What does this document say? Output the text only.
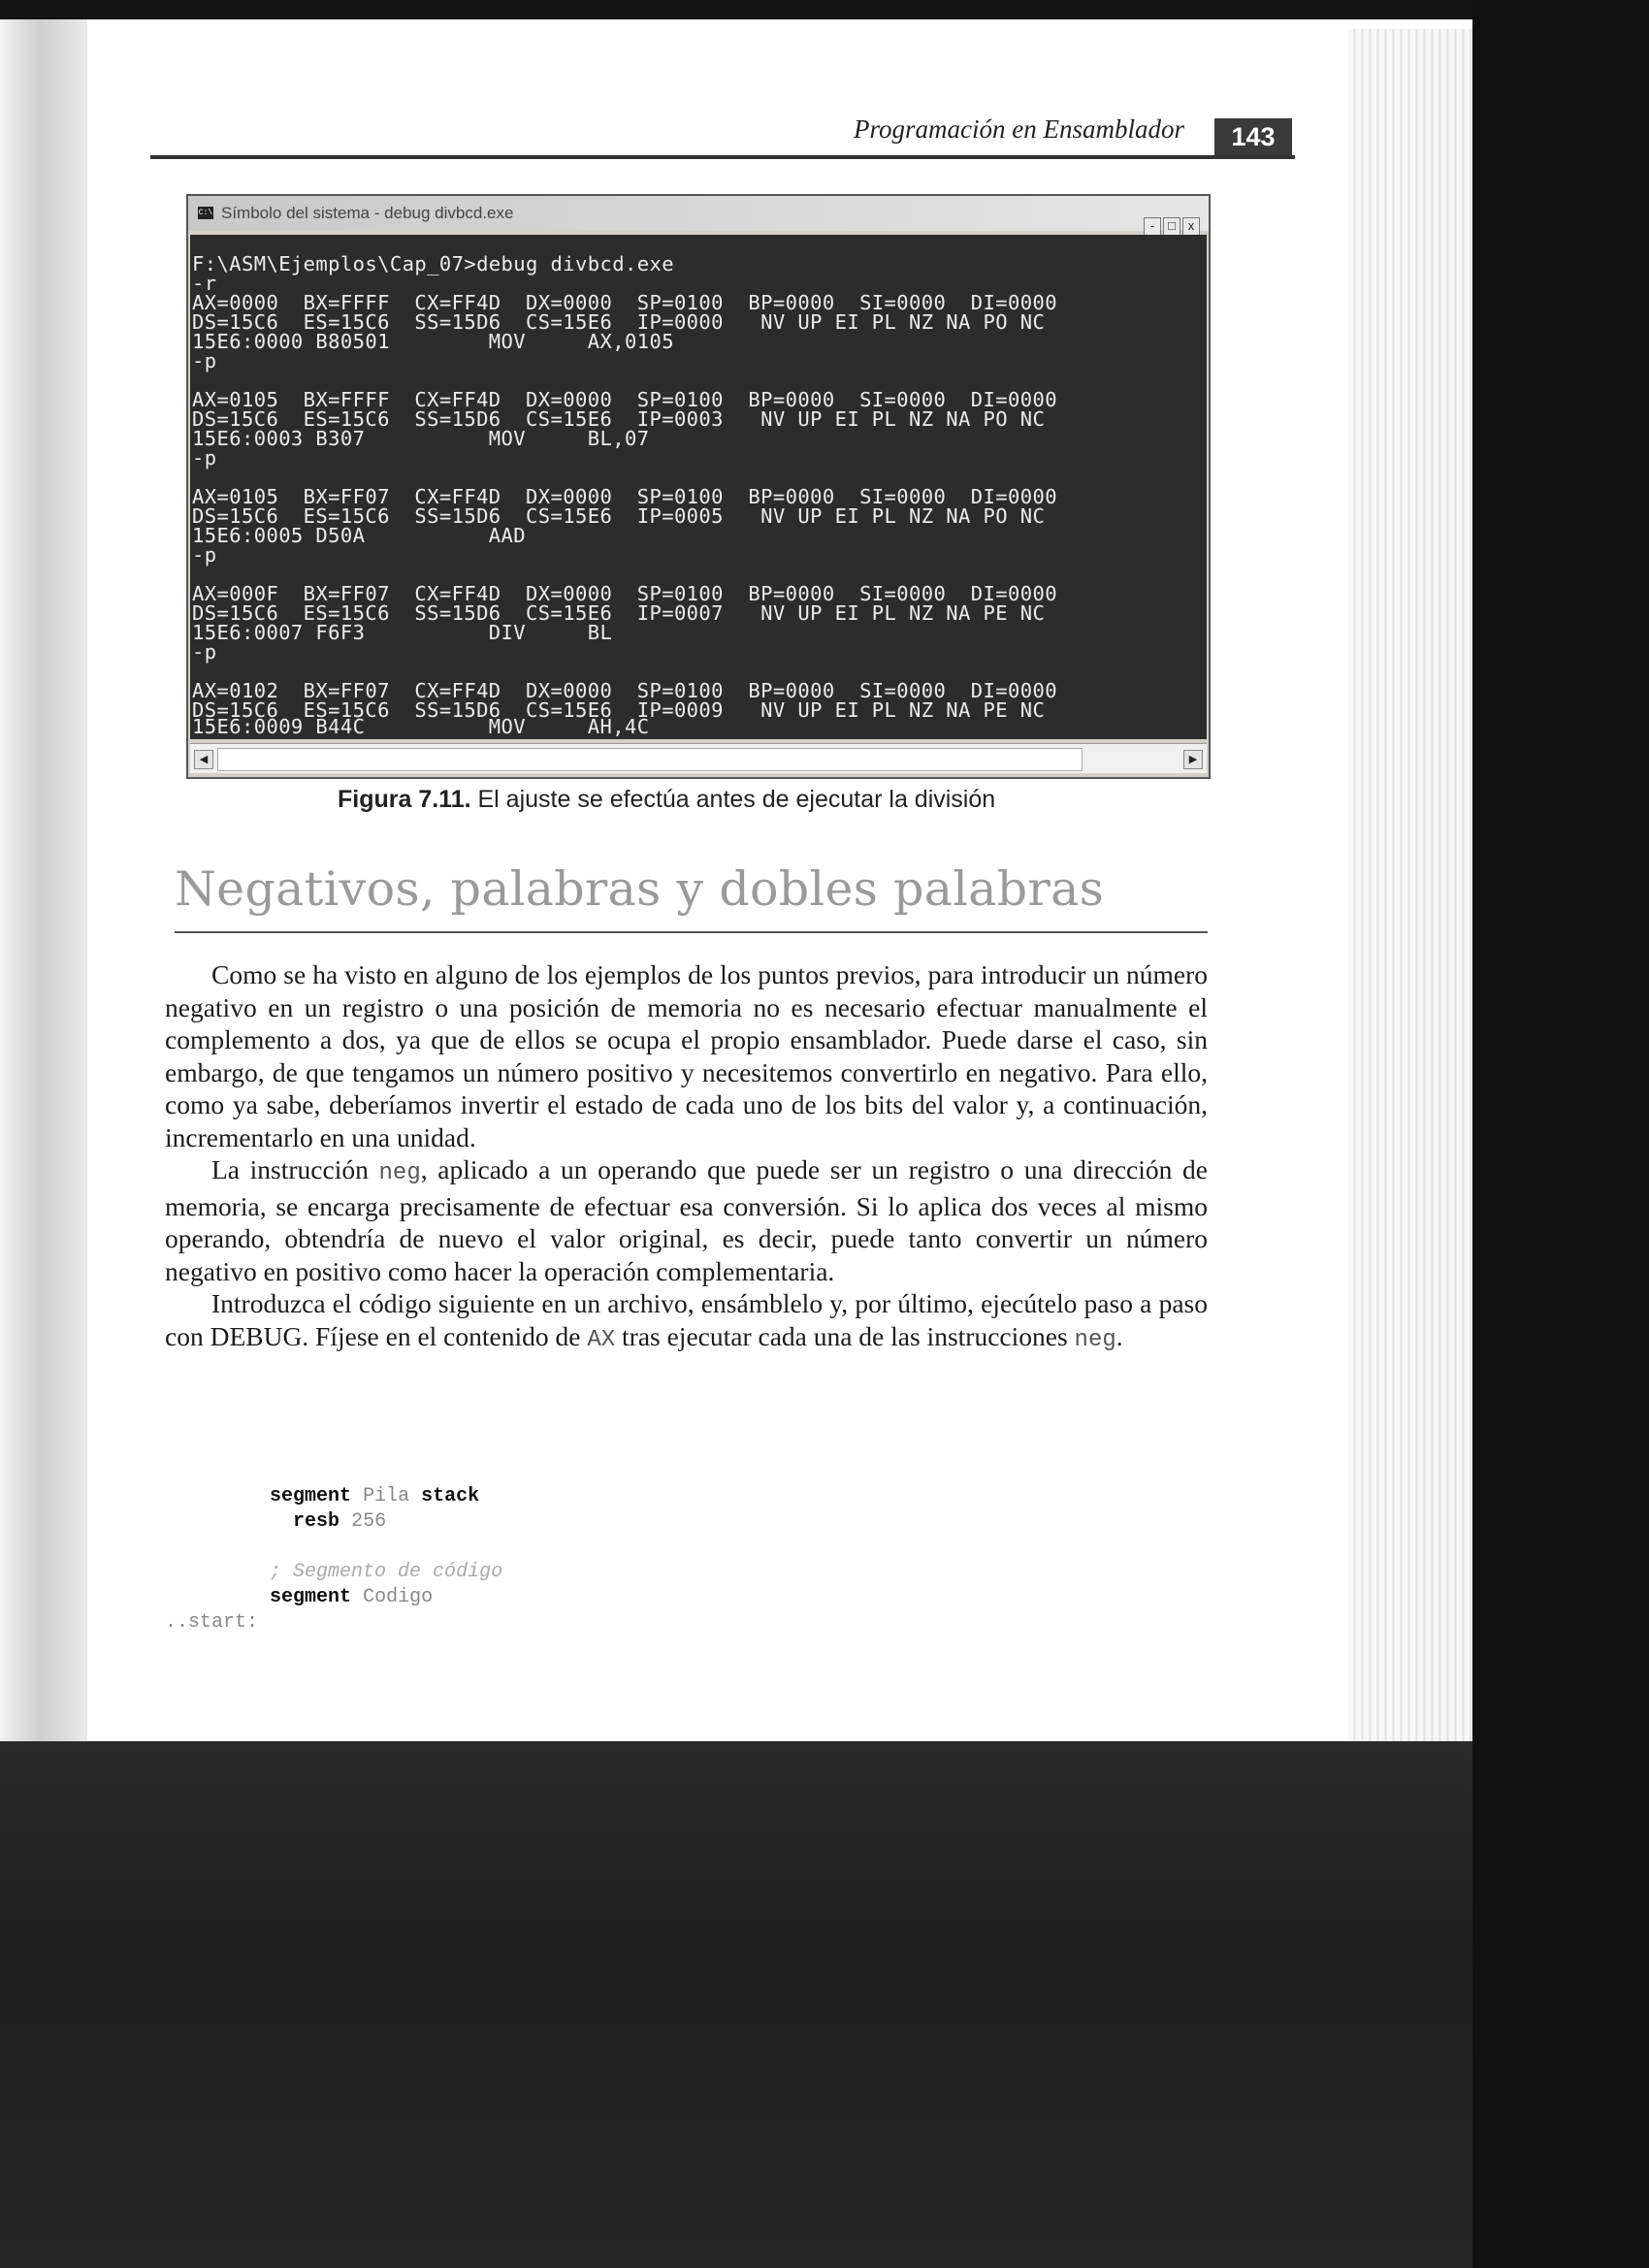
Programación en Ensamblador	143
C:\ Símbolo del sistema - debug divbcd.exe
-	□ x
F:\ASM\Ejemplos\Cap_07>debug divbcd.exe
-r
AX=0000  BX=FFFF  CX=FF4D  DX=0000  SP=0100  BP=0000  SI=0000  DI=0000
DS=15C6  ES=15C6  SS=15D6  CS=15E6  IP=0000   NV UP EI PL NZ NA PO NC
15E6:0000 B80501        MOV     AX,0105
-p
AX=0105  BX=FFFF  CX=FF4D  DX=0000  SP=0100  BP=0000  SI=0000  DI=0000
DS=15C6  ES=15C6  SS=15D6  CS=15E6  IP=0003   NV UP EI PL NZ NA PO NC
15E6:0003 B307          MOV     BL,07
-p
AX=0105  BX=FF07  CX=FF4D  DX=0000  SP=0100  BP=0000  SI=0000  DI=0000
DS=15C6  ES=15C6  SS=15D6  CS=15E6  IP=0005   NV UP EI PL NZ NA PO NC
15E6:0005 D50A          AAD
-p
AX=000F  BX=FF07  CX=FF4D  DX=0000  SP=0100  BP=0000  SI=0000  DI=0000
DS=15C6  ES=15C6  SS=15D6  CS=15E6  IP=0007   NV UP EI PL NZ NA PE NC
15E6:0007 F6F3          DIV     BL
-p
AX=0102  BX=FF07  CX=FF4D  DX=0000  SP=0100  BP=0000  SI=0000  DI=0000
DS=15C6  ES=15C6  SS=15D6  CS=15E6  IP=0009   NV UP EI PL NZ NA PE NC
15E6:0009 B44C          MOV     AH,4C
◀	▶
Figura 7.11. El ajuste se efectúa antes de ejecutar la división
Negativos, palabras y dobles palabras

Como se ha visto en alguno de los ejemplos de los puntos previos, para introducir un número negativo en un registro o una posición de memoria no es necesario efectuar manualmente el complemento a dos, ya que de ellos se ocupa el propio ensamblador. Puede darse el caso, sin embargo, de que tengamos un número positivo y necesitemos convertirlo en negativo. Para ello, como ya sabe, deberíamos invertir el estado de cada uno de los bits del valor y, a continuación, incrementarlo en una unidad.

La instrucción neg, aplicado a un operando que puede ser un registro o una dirección de memoria, se encarga precisamente de efectuar esa conversión. Si lo aplica dos veces al mismo operando, obtendría de nuevo el valor original, es decir, puede tanto convertir un número negativo en positivo como hacer la operación complementaria.

Introduzca el código siguiente en un archivo, ensámblelo y, por último, ejecútelo paso a paso con DEBUG. Fíjese en el contenido de AX tras ejecutar cada una de las instrucciones neg.

segment Pila stack
resb 256

; Segmento de código
segment Codigo
..start:
